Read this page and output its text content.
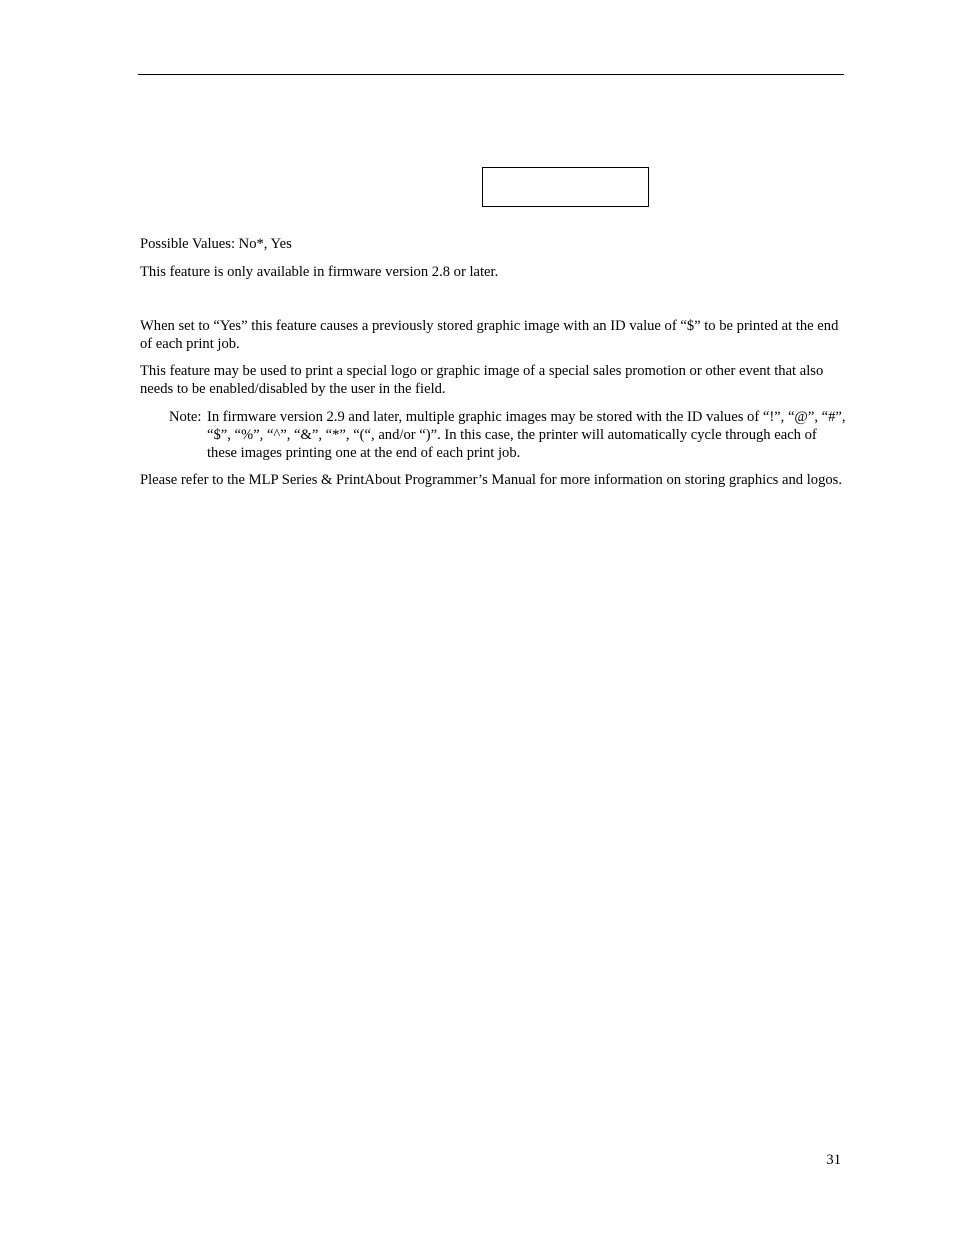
Possible Values: No*, Yes

This feature is only available in firmware version 2.8 or later.

When set to “Yes” this feature causes a previously stored graphic image with an ID value of “$” to be printed at the end of each print job.

This feature may be used to print a special logo or graphic image of a special sales promotion or other event that also needs to be enabled/disabled by the user in the field.

Note: In firmware version 2.9 and later, multiple graphic images may be stored with the ID values of “!”, “@”, “#”, “$”, “%”, “^”, “&”, “*”, “(“, and/or “)”. In this case, the printer will automatically cycle through each of these images printing one at the end of each print job.

Please refer to the MLP Series & PrintAbout Programmer’s Manual for more information on storing graphics and logos.

31
